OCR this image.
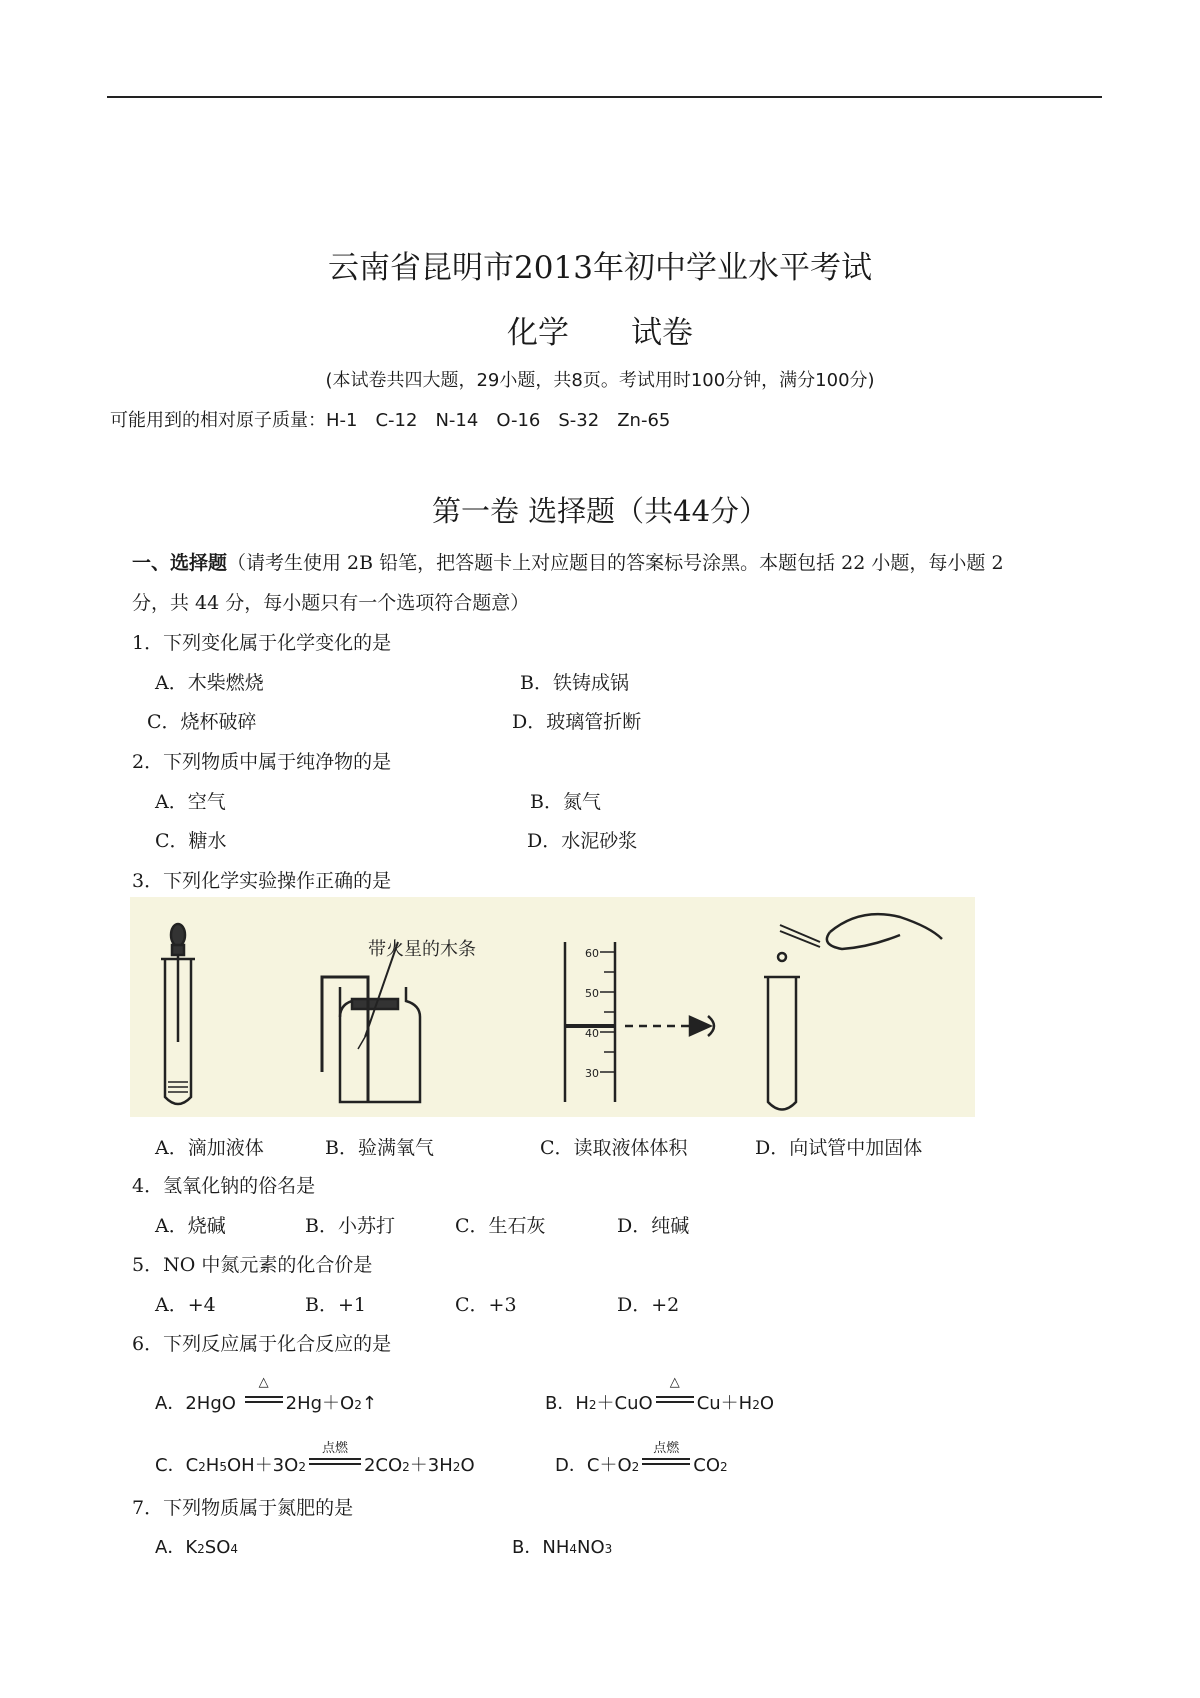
云南省昆明市2013年初中学业水平考试
化学　　试卷
(本试卷共四大题，29小题，共8页。考试用时100分钟，满分100分)
可能用到的相对原子质量：H-1　C-12　N-14　O-16　S-32　Zn-65
第一卷 选择题（共44分）
一、选择题（请考生使用 2B 铅笔，把答题卡上对应题目的答案标号涂黑。本题包括 22 小题，每小题 2
分，共 44 分，每小题只有一个选项符合题意）
1．下列变化属于化学变化的是
A．木柴燃烧	B．铁铸成锅
C．烧杯破碎	D．玻璃管折断
2．下列物质中属于纯净物的是
A．空气	B．氮气
C．糖水	D．水泥砂浆
3．下列化学实验操作正确的是
带火星的木条	60
50
40
30
A．滴加液体	B．验满氧气	C．读取液体体积	D．向试管中加固体
4．氢氧化钠的俗名是
A．烧碱	B．小苏打	C．生石灰	D．纯碱
5．NO 中氮元素的化合价是
A．+4	B．+1	C．+3	D．+2
6．下列反应属于化合反应的是
A． 2HgO
△
$2Hg+O_2$ ↑	B． H 2 ＋CuO
△
$Cu+H_2$ O
C． C 2 H 5 OH＋3O 2
点燃
$2CO_2 +3H$ 2 O	D． C＋O 2
点燃
$CO_2$
7．下列物质属于氮肥的是
A． K 2 SO 4	B． NH 4 NO 3
